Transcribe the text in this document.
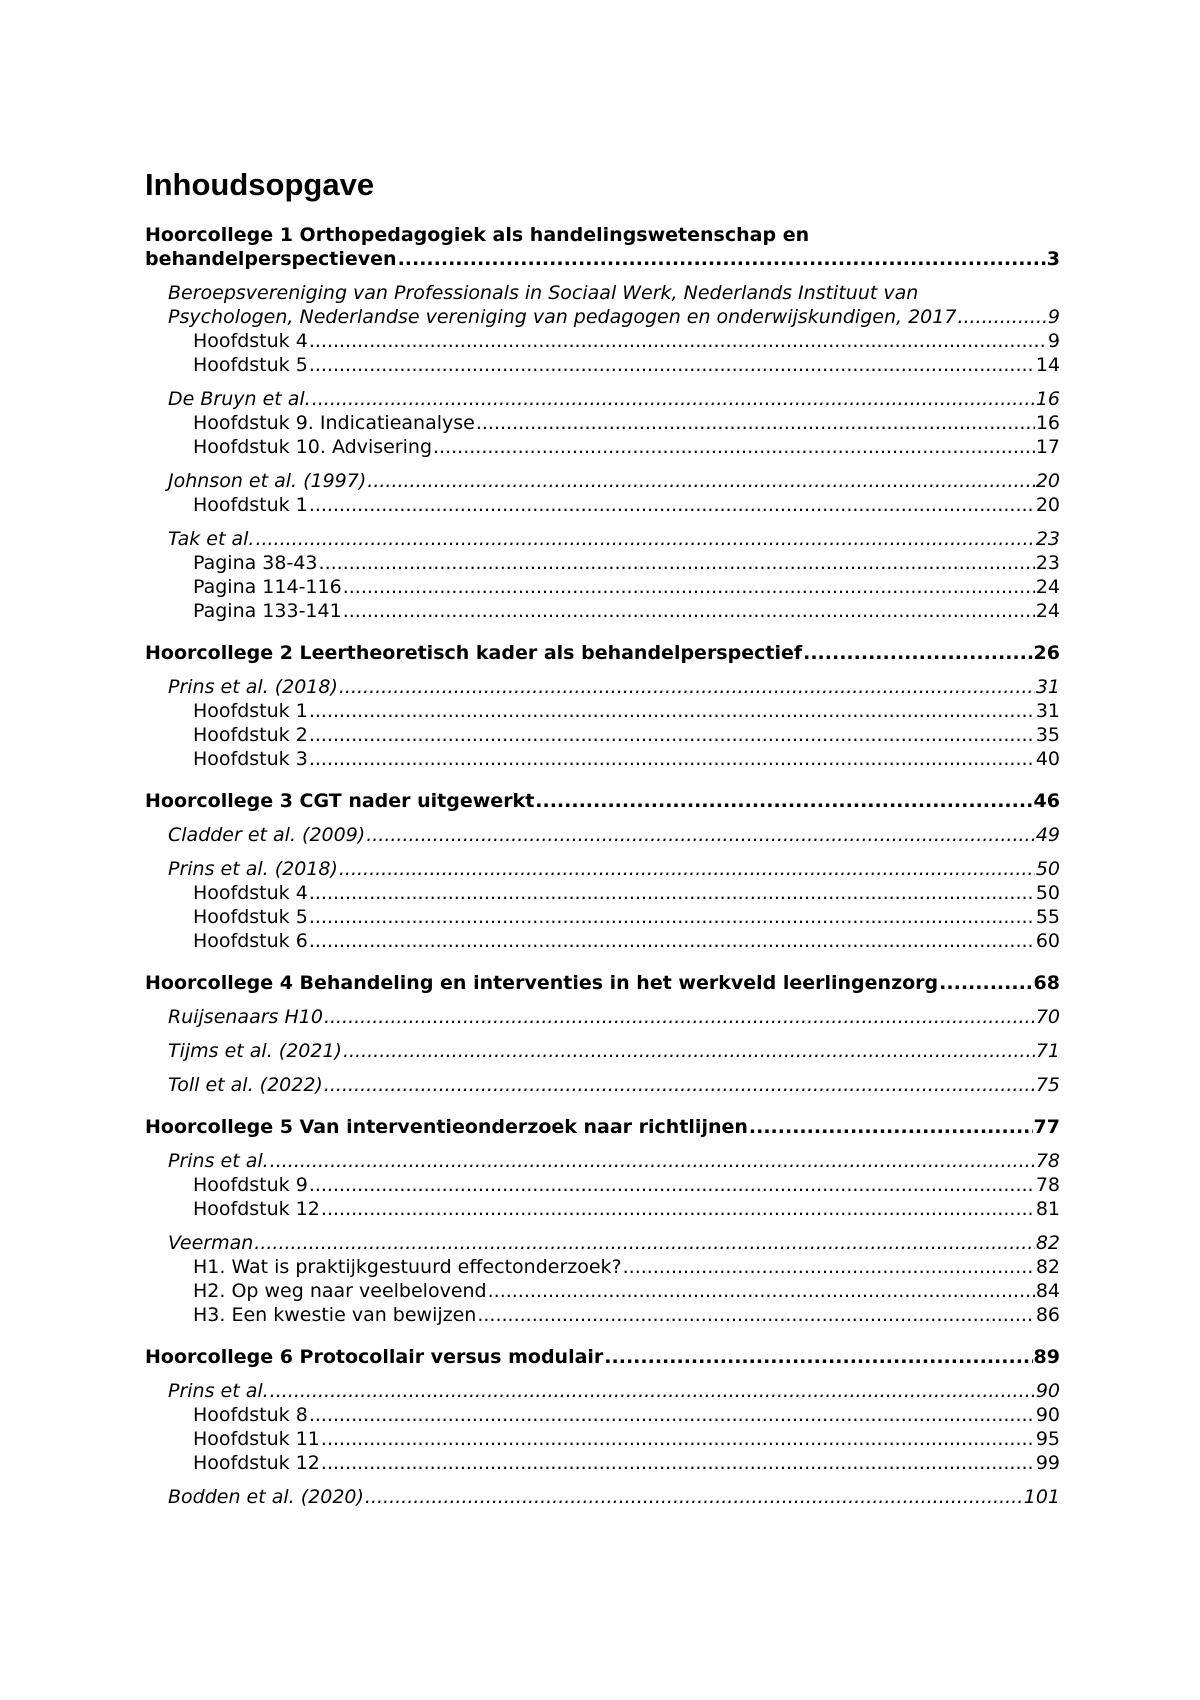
Inhoudsopgave
Hoorcollege 1 Orthopedagogiek als handelingswetenschap en
behandelperspectieven .....	3
Beroepsvereniging van Professionals in Sociaal Werk, Nederlands Instituut van
Psychologen, Nederlandse vereniging van pedagogen en onderwijskundigen, 2017 .....	9
Hoofdstuk 4 .....	9
Hoofdstuk 5 .....	14
De Bruyn et al. .....	16
Hoofdstuk 9. Indicatieanalyse .....	16
Hoofdstuk 10. Advisering .....	17
Johnson et al. (1997) .....	20
Hoofdstuk 1 .....	20
Tak et al. .....	23
Pagina 38-43 .....	23
Pagina 114-116 .....	24
Pagina 133-141 .....	24
Hoorcollege 2 Leertheoretisch kader als behandelperspectief .....	26
Prins et al. (2018) .....	31
Hoofdstuk 1 .....	31
Hoofdstuk 2 .....	35
Hoofdstuk 3 .....	40
Hoorcollege 3 CGT nader uitgewerkt .....	46
Cladder et al. (2009) .....	49
Prins et al. (2018) .....	50
Hoofdstuk 4 .....	50
Hoofdstuk 5 .....	55
Hoofdstuk 6 .....	60
Hoorcollege 4 Behandeling en interventies in het werkveld leerlingenzorg .....	68
Ruijsenaars H10 .....	70
Tijms et al. (2021) .....	71
Toll et al. (2022) .....	75
Hoorcollege 5 Van interventieonderzoek naar richtlijnen .....	77
Prins et al. .....	78
Hoofdstuk 9 .....	78
Hoofdstuk 12 .....	81
Veerman .....	82
H1. Wat is praktijkgestuurd effectonderzoek? .....	82
H2. Op weg naar veelbelovend .....	84
H3. Een kwestie van bewijzen .....	86
Hoorcollege 6 Protocollair versus modulair .....	89
Prins et al. .....	90
Hoofdstuk 8 .....	90
Hoofdstuk 11 .....	95
Hoofdstuk 12 .....	99
Bodden et al. (2020) .....	101
